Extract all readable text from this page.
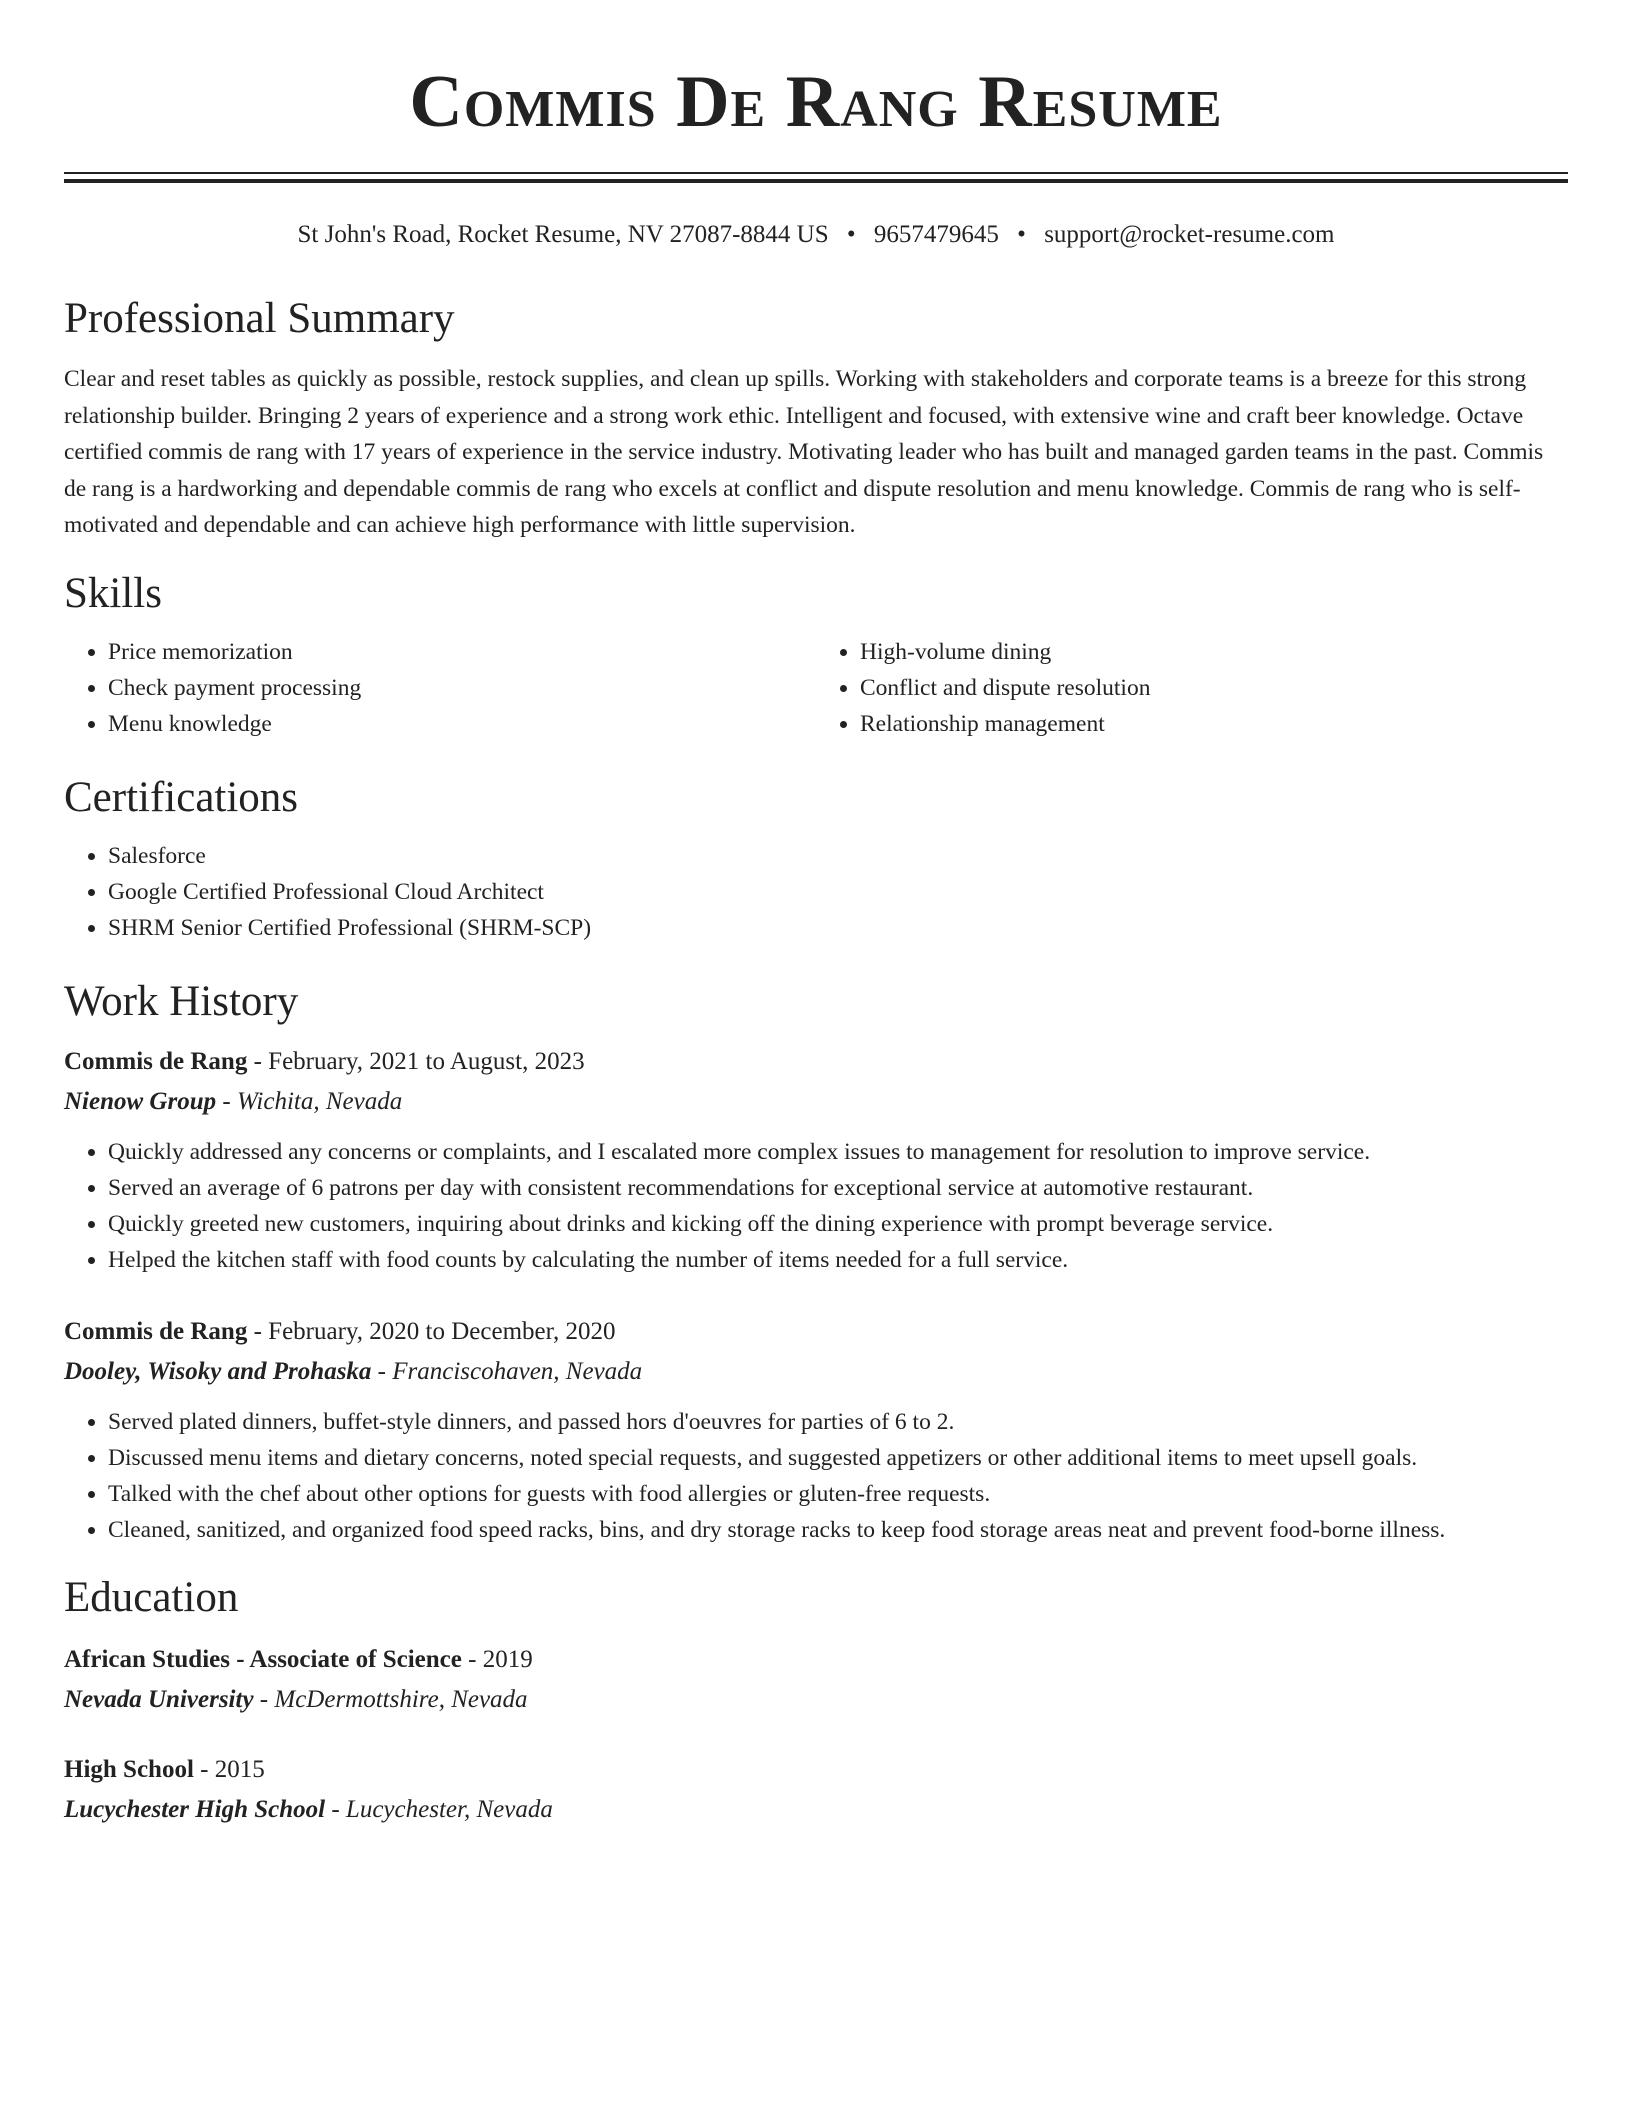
Commis De Rang Resume
St John's Road, Rocket Resume, NV 27087-8844 US • 9657479645 • support@rocket-resume.com
Professional Summary
Clear and reset tables as quickly as possible, restock supplies, and clean up spills. Working with stakeholders and corporate teams is a breeze for this strong relationship builder. Bringing 2 years of experience and a strong work ethic. Intelligent and focused, with extensive wine and craft beer knowledge. Octave certified commis de rang with 17 years of experience in the service industry. Motivating leader who has built and managed garden teams in the past. Commis de rang is a hardworking and dependable commis de rang who excels at conflict and dispute resolution and menu knowledge. Commis de rang who is self-motivated and dependable and can achieve high performance with little supervision.
Skills
• Price memorization
• Check payment processing
• Menu knowledge
• High-volume dining
• Conflict and dispute resolution
• Relationship management
Certifications
• Salesforce
• Google Certified Professional Cloud Architect
• SHRM Senior Certified Professional (SHRM-SCP)
Work History
Commis de Rang - February, 2021 to August, 2023
Nienow Group - Wichita, Nevada
• Quickly addressed any concerns or complaints, and I escalated more complex issues to management for resolution to improve service.
• Served an average of 6 patrons per day with consistent recommendations for exceptional service at automotive restaurant.
• Quickly greeted new customers, inquiring about drinks and kicking off the dining experience with prompt beverage service.
• Helped the kitchen staff with food counts by calculating the number of items needed for a full service.
Commis de Rang - February, 2020 to December, 2020
Dooley, Wisoky and Prohaska - Franciscohaven, Nevada
• Served plated dinners, buffet-style dinners, and passed hors d'oeuvres for parties of 6 to 2.
• Discussed menu items and dietary concerns, noted special requests, and suggested appetizers or other additional items to meet upsell goals.
• Talked with the chef about other options for guests with food allergies or gluten-free requests.
• Cleaned, sanitized, and organized food speed racks, bins, and dry storage racks to keep food storage areas neat and prevent food-borne illness.
Education
African Studies - Associate of Science - 2019
Nevada University - McDermottshire, Nevada
High School - 2015
Lucychester High School - Lucychester, Nevada
